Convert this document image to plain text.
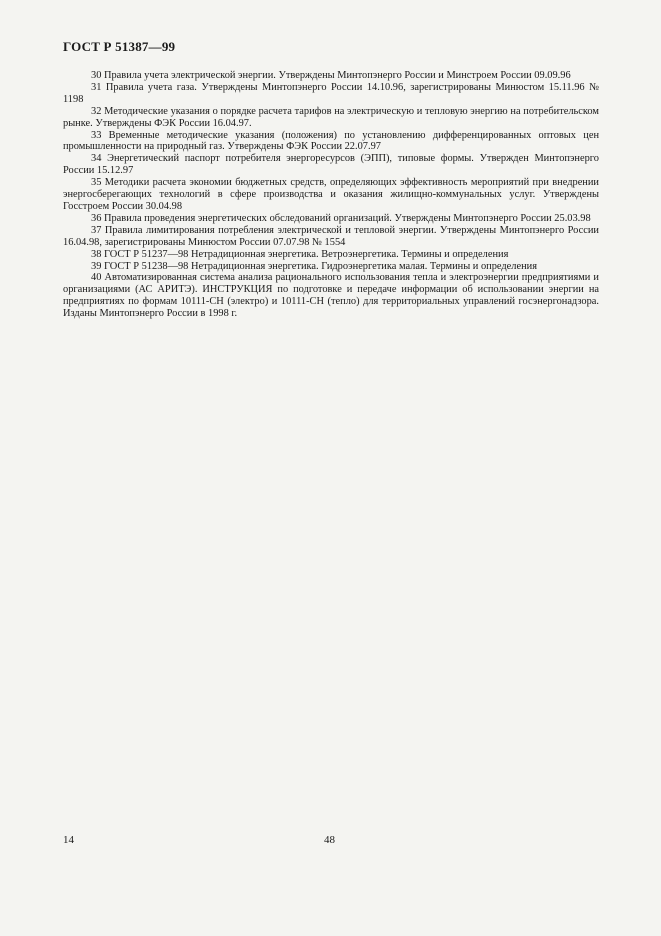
ГОСТ Р 51387—99

30 Правила учета электрической энергии. Утверждены Минтопэнерго России и Минстроем России 09.09.96

31 Правила учета газа. Утверждены Минтопэнерго России 14.10.96, зарегистрированы Минюстом 15.11.96 № 1198

32 Методические указания о порядке расчета тарифов на электрическую и тепловую энергию на потребительском рынке. Утверждены ФЭК России 16.04.97.

33 Временные методические указания (положения) по установлению дифференцированных оптовых цен промышленности на природный газ. Утверждены ФЭК России 22.07.97

34 Энергетический паспорт потребителя энергоресурсов (ЭПП), типовые формы. Утвержден Минтопэнерго России 15.12.97

35 Методики расчета экономии бюджетных средств, определяющих эффективность мероприятий при внедрении энергосберегающих технологий в сфере производства и оказания жилищно-коммунальных услуг. Утверждены Госстроем России 30.04.98

36 Правила проведения энергетических обследований организаций. Утверждены Минтопэнерго России 25.03.98

37 Правила лимитирования потребления электрической и тепловой энергии. Утверждены Минтопэнерго России 16.04.98, зарегистрированы Минюстом России 07.07.98 № 1554

38 ГОСТ Р 51237—98 Нетрадиционная энергетика. Ветроэнергетика. Термины и определения

39 ГОСТ Р 51238—98 Нетрадиционная энергетика. Гидроэнергетика малая. Термины и определения

40 Автоматизированная система анализа рационального использования тепла и электроэнергии предприятиями и организациями (АС АРИТЭ). ИНСТРУКЦИЯ по подготовке и передаче информации об использовании энергии на предприятиях по формам 10111-СН (электро) и 10111-СН (тепло) для территориальных управлений госэнергонадзора. Изданы Минтопэнерго России в 1998 г.

14	48
